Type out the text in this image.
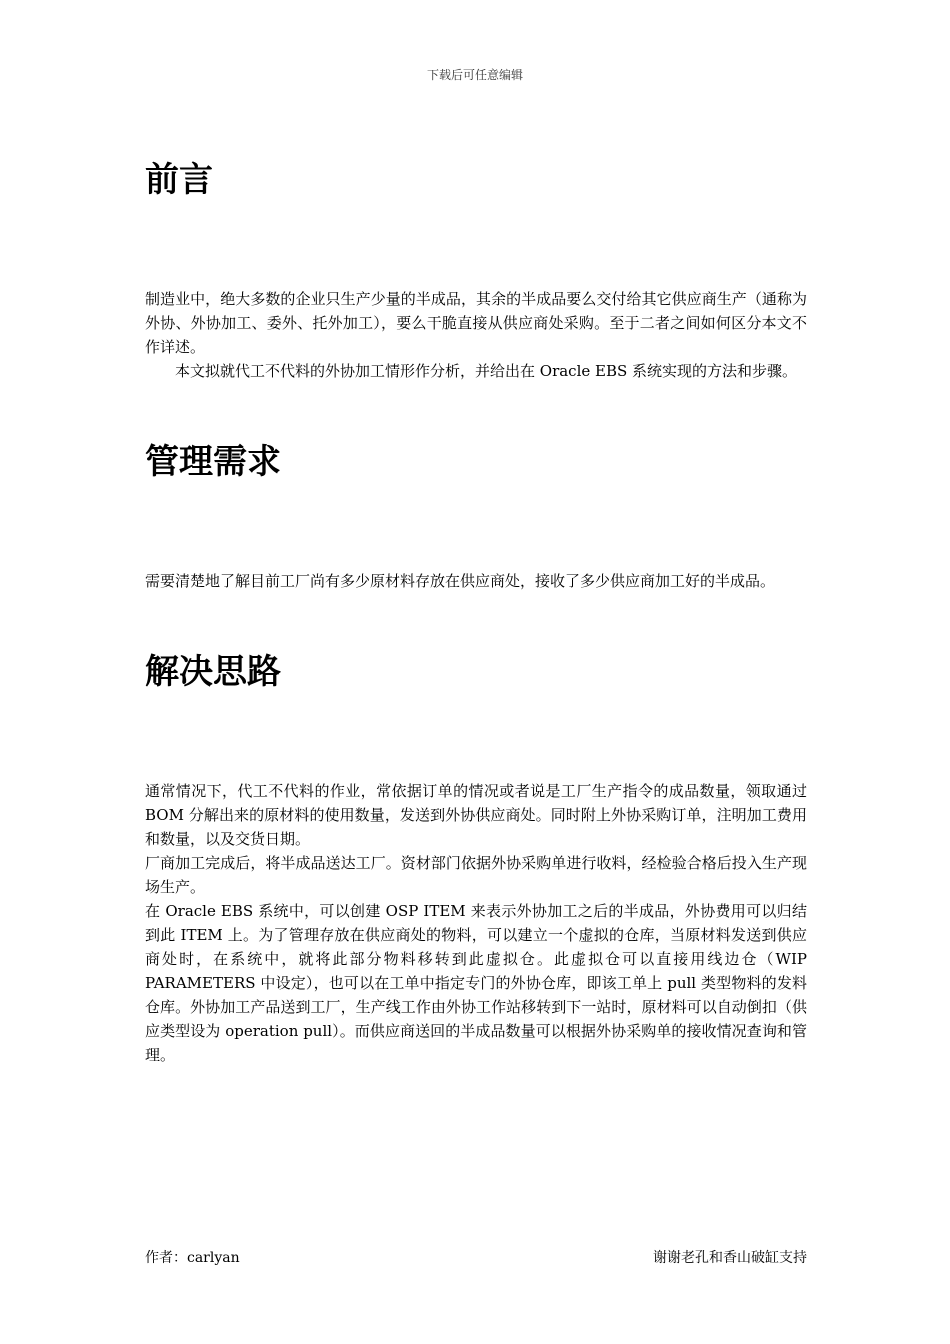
下载后可任意编辑
前言

制造业中，绝大多数的企业只生产少量的半成品，其余的半成品要么交付给其它供应商生产（通称为外协、外协加工、委外、托外加工），要么干脆直接从供应商处采购。至于二者之间如何区分本文不作详述。

本文拟就代工不代料的外协加工情形作分析，并给出在 Oracle EBS 系统实现的方法和步骤。

管理需求

需要清楚地了解目前工厂尚有多少原材料存放在供应商处，接收了多少供应商加工好的半成品。

解决思路

通常情况下，代工不代料的作业，常依据订单的情况或者说是工厂生产指令的成品数量，领取通过 BOM 分解出来的原材料的使用数量，发送到外协供应商处。同时附上外协采购订单，注明加工费用和数量，以及交货日期。

厂商加工完成后，将半成品送达工厂。资材部门依据外协采购单进行收料，经检验合格后投入生产现场生产。

在 Oracle EBS 系统中，可以创建 OSP ITEM 来表示外协加工之后的半成品，外协费用可以归结到此 ITEM 上。为了管理存放在供应商处的物料，可以建立一个虚拟的仓库，当原材料发送到供应商处时，在系统中，就将此部分物料移转到此虚拟仓。此虚拟仓可以直接用线边仓（WIP PARAMETERS 中设定），也可以在工单中指定专门的外协仓库，即该工单上 pull 类型物料的发料仓库。外协加工产品送到工厂，生产线工作由外协工作站移转到下一站时，原材料可以自动倒扣（供应类型设为 operation pull）。而供应商送回的半成品数量可以根据外协采购单的接收情况查询和管理。

作者：carlyan	谢谢老孔和香山破缸支持
